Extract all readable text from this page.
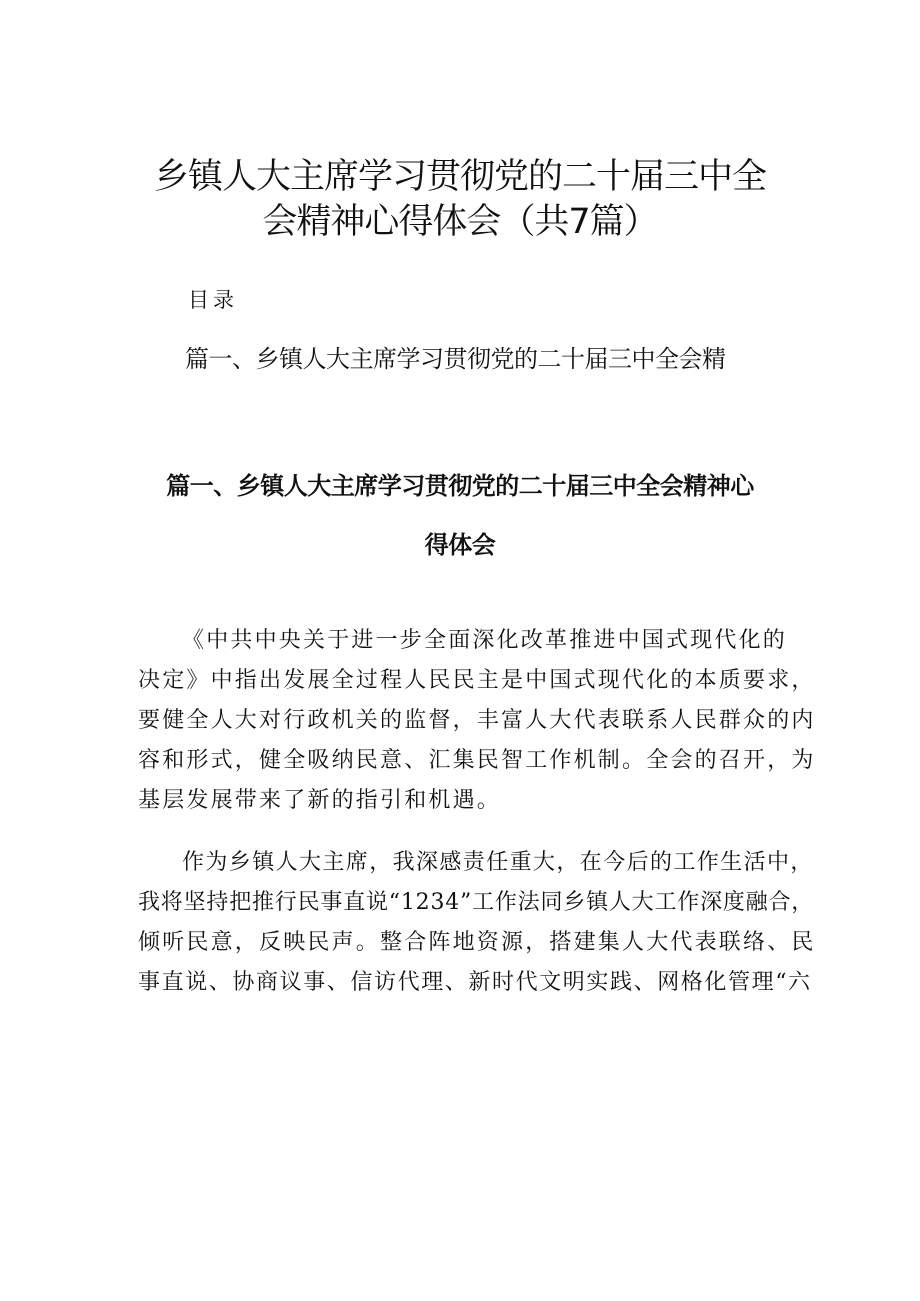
乡镇人大主席学习贯彻党的二十届三中全
会精神心得体会（共7篇）

目录

篇一、乡镇人大主席学习贯彻党的二十届三中全会精

篇一、乡镇人大主席学习贯彻党的二十届三中全会精神心
得体会
《中共中央关于进一步全面深化改革推进中国式现代化的
决定》中指出发展全过程人民民主是中国式现代化的本质要求，
要健全人大对行政机关的监督，丰富人大代表联系人民群众的内
容和形式，健全吸纳民意、汇集民智工作机制。全会的召开，为
基层发展带来了新的指引和机遇。
作为乡镇人大主席，我深感责任重大，在今后的工作生活中，
我将坚持把推行民事直说“1234”工作法同乡镇人大工作深度融合，
倾听民意，反映民声。整合阵地资源，搭建集人大代表联络、民
事直说、协商议事、信访代理、新时代文明实践、网格化管理“六
